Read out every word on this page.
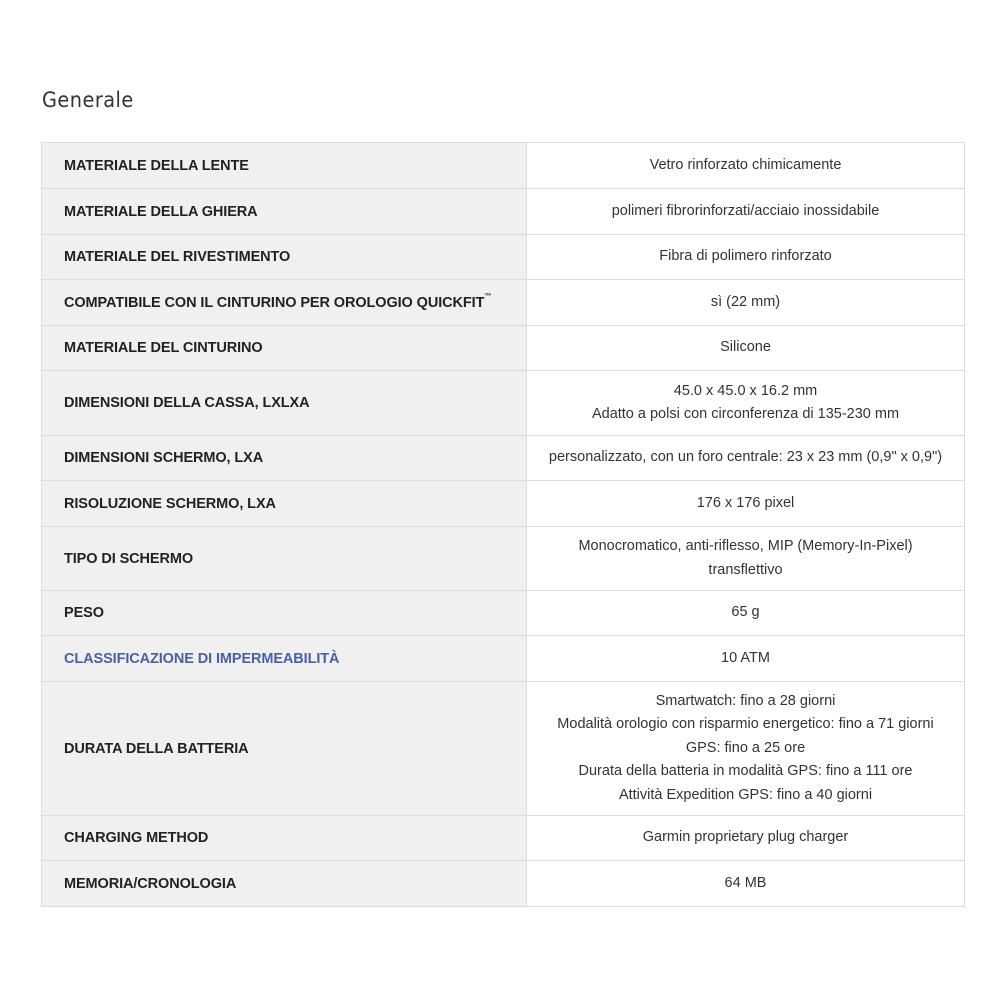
Generale
MATERIALE DELLA LENTE	Vetro rinforzato chimicamente

MATERIALE DELLA GHIERA	polimeri fibrorinforzati/acciaio inossidabile

MATERIALE DEL RIVESTIMENTO	Fibra di polimero rinforzato

COMPATIBILE CON IL CINTURINO PER OROLOGIO QUICKFIT™	sì (22 mm)

MATERIALE DEL CINTURINO	Silicone

DIMENSIONI DELLA CASSA, LXLXA	45.0 x 45.0 x 16.2 mm
Adatto a polsi con circonferenza di 135-230 mm

DIMENSIONI SCHERMO, LXA	personalizzato, con un foro centrale: 23 x 23 mm (0,9" x 0,9")

RISOLUZIONE SCHERMO, LXA	176 x 176 pixel

TIPO DI SCHERMO	Monocromatico, anti-riflesso, MIP (Memory-In-Pixel)
transflettivo

PESO	65 g

CLASSIFICAZIONE DI IMPERMEABILITÀ	10 ATM

DURATA DELLA BATTERIA	Smartwatch: fino a 28 giorni
Modalità orologio con risparmio energetico: fino a 71 giorni
GPS: fino a 25 ore
Durata della batteria in modalità GPS: fino a 111 ore
Attività Expedition GPS: fino a 40 giorni

CHARGING METHOD	Garmin proprietary plug charger

MEMORIA/CRONOLOGIA	64 MB
